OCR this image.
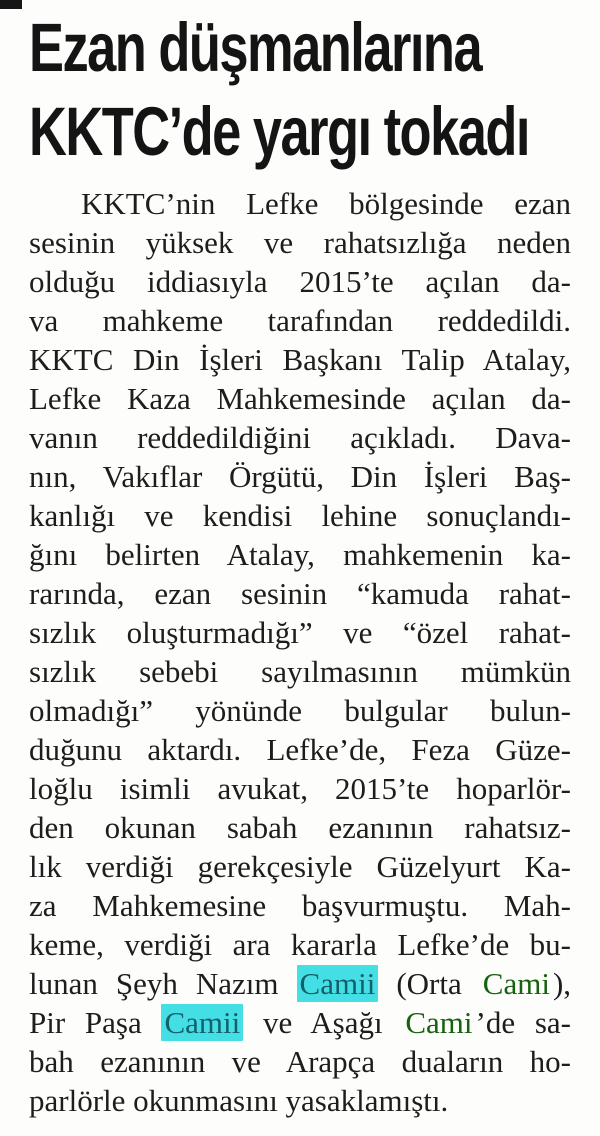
Ezan düşmanlarına
KKTC’de yargı tokadı
KKTC’nin Lefke bölgesinde ezan
sesinin yüksek ve rahatsızlığa neden
olduğu iddiasıyla 2015’te açılan da-
va mahkeme tarafından reddedildi.
KKTC Din İşleri Başkanı Talip Atalay,
Lefke Kaza Mahkemesinde açılan da-
vanın reddedildiğini açıkladı. Dava-
nın, Vakıflar Örgütü, Din İşleri Baş-
kanlığı ve kendisi lehine sonuçlandı-
ğını belirten Atalay, mahkemenin ka-
rarında, ezan sesinin “kamuda rahat-
sızlık oluşturmadığı” ve “özel rahat-
sızlık sebebi sayılmasının mümkün
olmadığı” yönünde bulgular bulun-
duğunu aktardı. Lefke’de, Feza Güze-
loğlu isimli avukat, 2015’te hoparlör-
den okunan sabah ezanının rahatsız-
lık verdiği gerekçesiyle Güzelyurt Ka-
za Mahkemesine başvurmuştu. Mah-
keme, verdiği ara kararla Lefke’de bu-
lunan Şeyh Nazım Camii (Orta Cami),
Pir Paşa Camii ve Aşağı Cami’de sa-
bah ezanının ve Arapça duaların ho-
parlörle okunmasını yasaklamıştı.
